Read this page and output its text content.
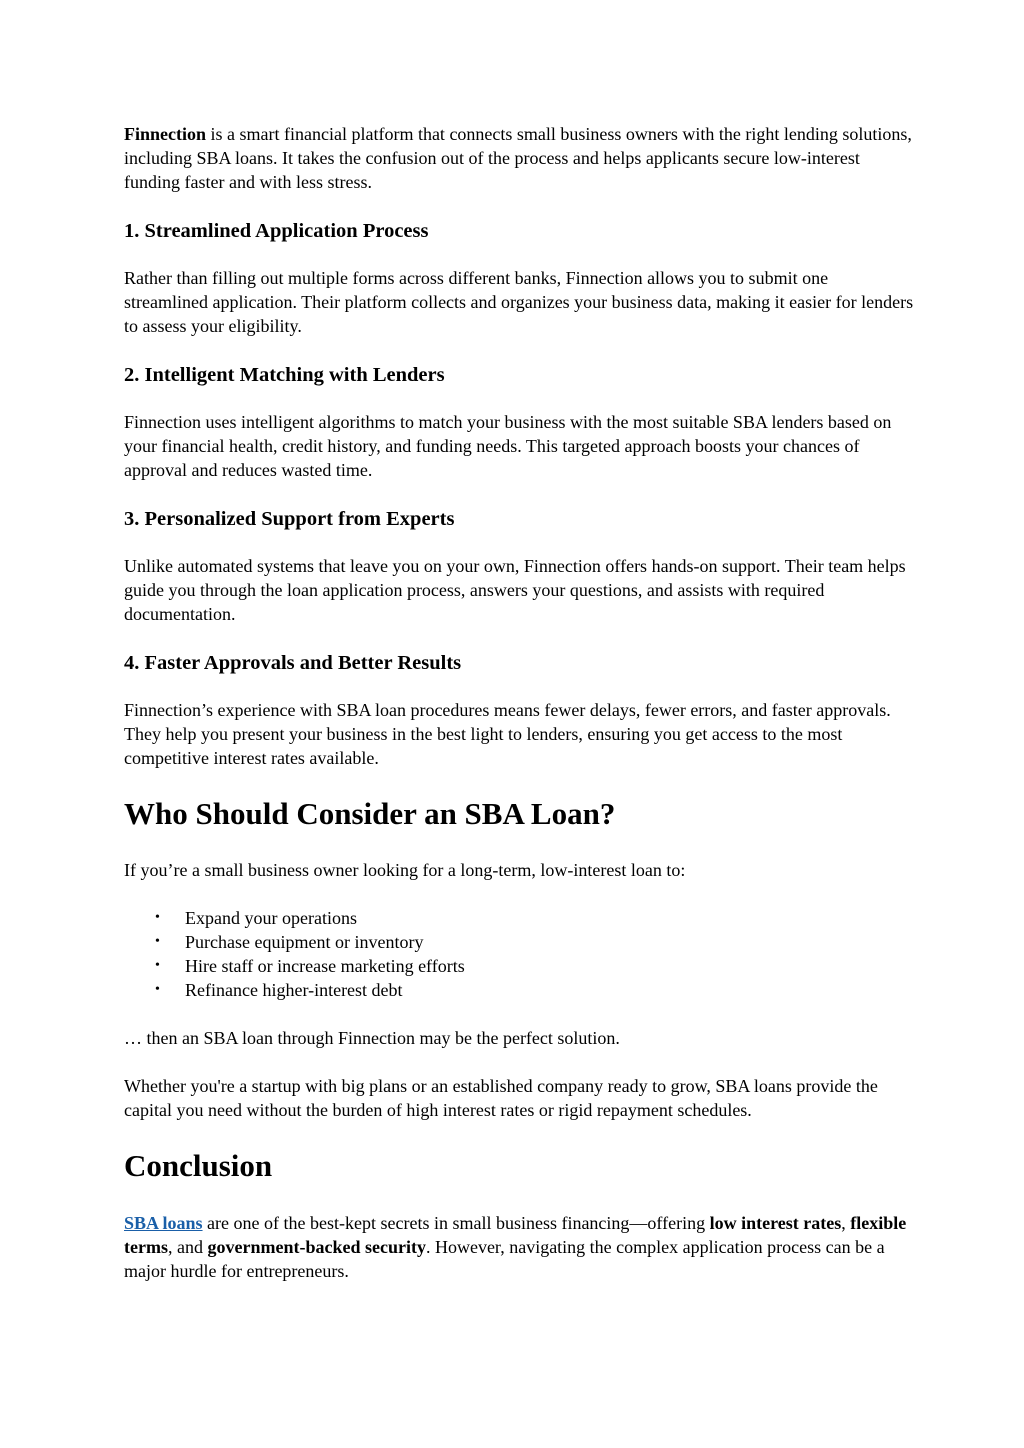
Finnection is a smart financial platform that connects small business owners with the right lending solutions, including SBA loans. It takes the confusion out of the process and helps applicants secure low-interest funding faster and with less stress.

1. Streamlined Application Process

Rather than filling out multiple forms across different banks, Finnection allows you to submit one streamlined application. Their platform collects and organizes your business data, making it easier for lenders to assess your eligibility.

2. Intelligent Matching with Lenders

Finnection uses intelligent algorithms to match your business with the most suitable SBA lenders based on your financial health, credit history, and funding needs. This targeted approach boosts your chances of approval and reduces wasted time.

3. Personalized Support from Experts

Unlike automated systems that leave you on your own, Finnection offers hands-on support. Their team helps guide you through the loan application process, answers your questions, and assists with required documentation.

4. Faster Approvals and Better Results

Finnection’s experience with SBA loan procedures means fewer delays, fewer errors, and faster approvals. They help you present your business in the best light to lenders, ensuring you get access to the most competitive interest rates available.

Who Should Consider an SBA Loan?

If you’re a small business owner looking for a long-term, low-interest loan to:

• Expand your operations
• Purchase equipment or inventory
• Hire staff or increase marketing efforts
• Refinance higher-interest debt

… then an SBA loan through Finnection may be the perfect solution.

Whether you're a startup with big plans or an established company ready to grow, SBA loans provide the capital you need without the burden of high interest rates or rigid repayment schedules.

Conclusion

SBA loans are one of the best-kept secrets in small business financing—offering low interest rates, flexible terms, and government-backed security. However, navigating the complex application process can be a major hurdle for entrepreneurs.
